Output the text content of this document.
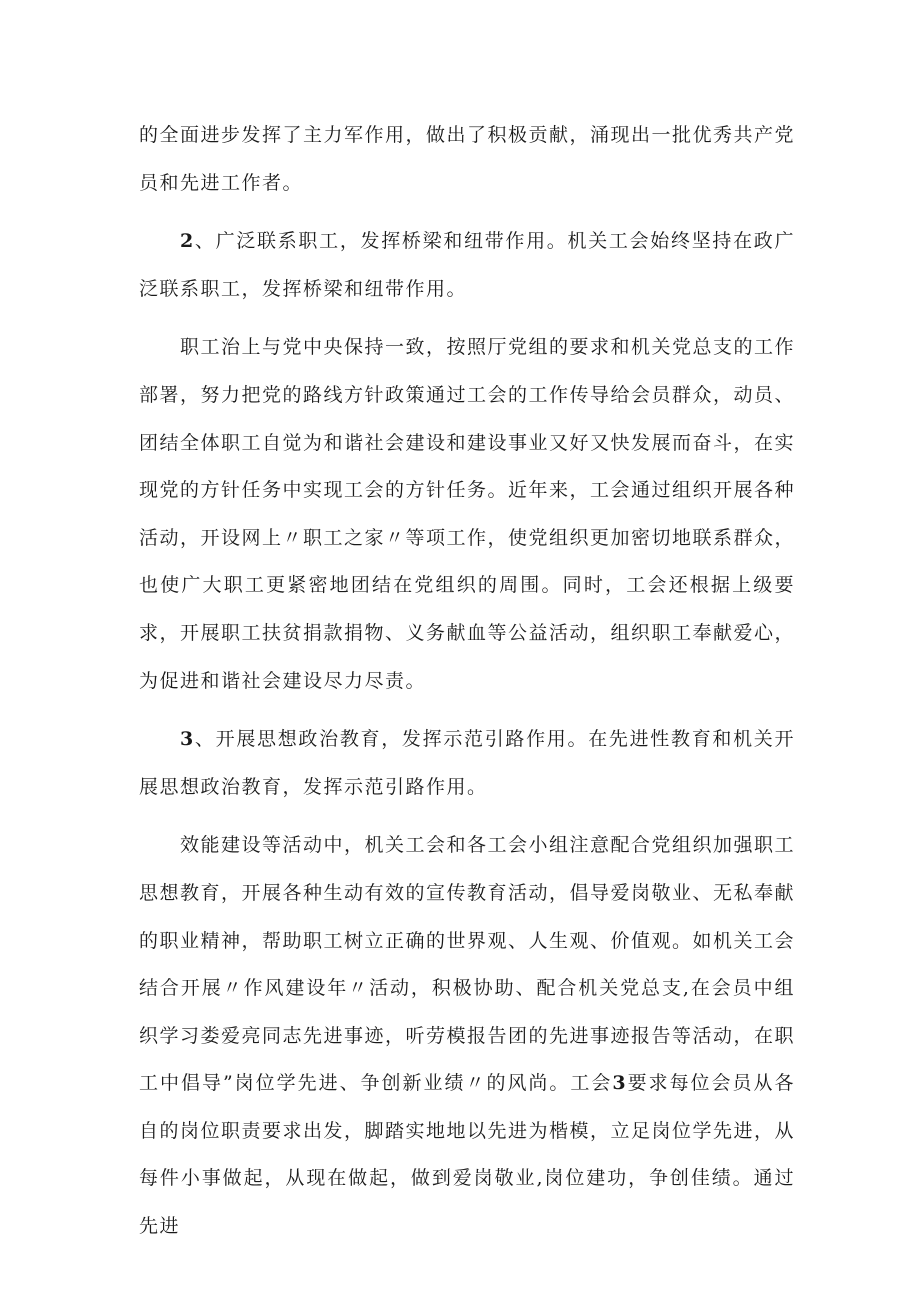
的全面进步发挥了主力军作用，做出了积极贡献，涌现出一批优秀共产党员和先进工作者。

2、广泛联系职工，发挥桥梁和纽带作用。机关工会始终坚持在政广泛联系职工，发挥桥梁和纽带作用。

职工治上与党中央保持一致，按照厅党组的要求和机关党总支的工作部署，努力把党的路线方针政策通过工会的工作传导给会员群众，动员、团结全体职工自觉为和谐社会建设和建设事业又好又快发展而奋斗，在实现党的方针任务中实现工会的方针任务。近年来，工会通过组织开展各种活动，开设网上〃职工之家〃等项工作，使党组织更加密切地联系群众，也使广大职工更紧密地团结在党组织的周围。同时，工会还根据上级要求，开展职工扶贫捐款捐物、义务献血等公益活动，组织职工奉献爱心，为促进和谐社会建设尽力尽责。

3、开展思想政治教育，发挥示范引路作用。在先进性教育和机关开展思想政治教育，发挥示范引路作用。

效能建设等活动中，机关工会和各工会小组注意配合党组织加强职工思想教育，开展各种生动有效的宣传教育活动，倡导爱岗敬业、无私奉献的职业精神，帮助职工树立正确的世界观、人生观、价值观。如机关工会结合开展〃作风建设年〃活动，积极协助、配合机关党总支,在会员中组织学习娄爱亮同志先进事迹，听劳模报告团的先进事迹报告等活动，在职工中倡导”岗位学先进、争创新业绩〃的风尚。工会3要求每位会员从各自的岗位职责要求出发，脚踏实地地以先进为楷模，立足岗位学先进，从每件小事做起，从现在做起，做到爱岗敬业,岗位建功，争创佳绩。通过先进
